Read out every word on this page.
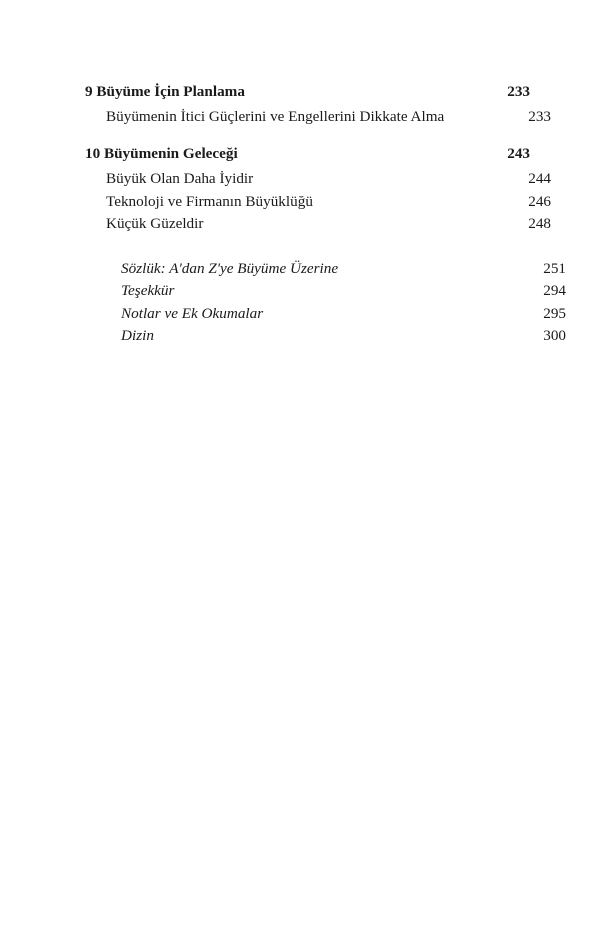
9 Büyüme İçin Planlama	233
Büyümenin İtici Güçlerini ve Engellerini Dikkate Alma	233
10 Büyümenin Geleceği	243
Büyük Olan Daha İyidir	244
Teknoloji ve Firmanın Büyüklüğü	246
Küçük Güzeldir	248
Sözlük: A'dan Z'ye Büyüme Üzerine	251
Teşekkür	294
Notlar ve Ek Okumalar	295
Dizin	300
